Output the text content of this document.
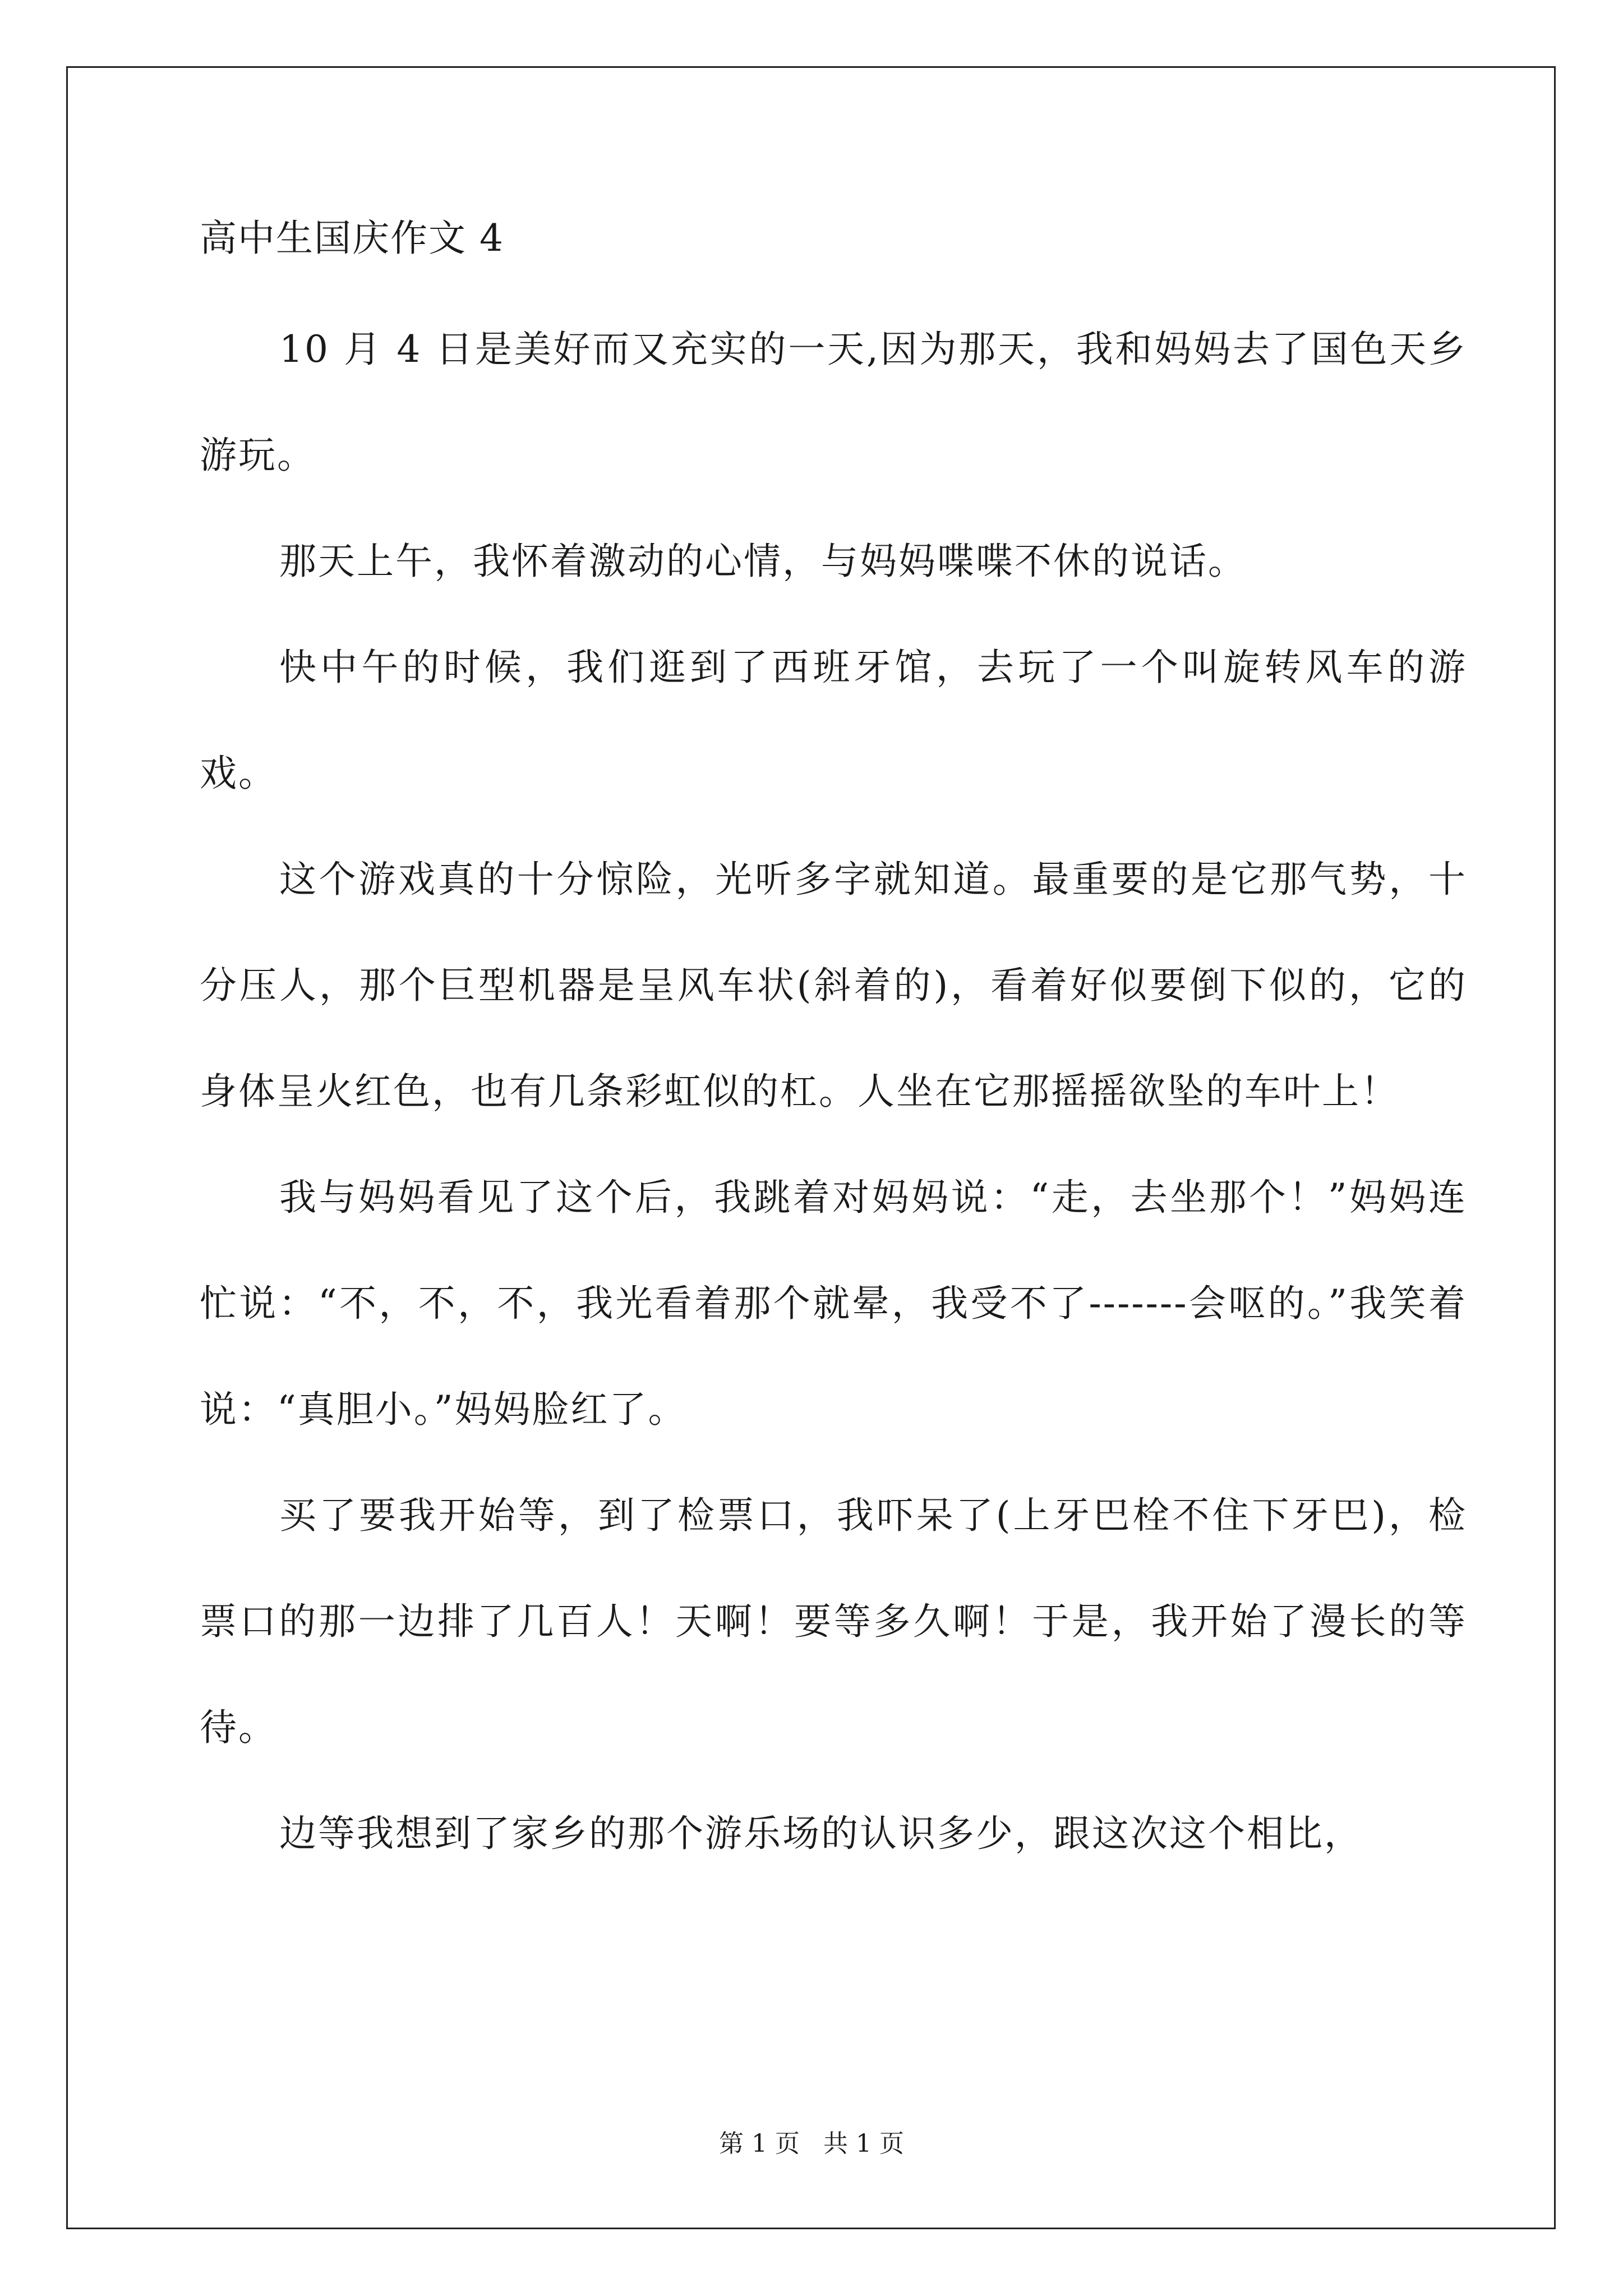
高中生国庆作文 4

10 月 4 日是美好而又充实的一天,因为那天，我和妈妈去了国色天乡游玩。

那天上午，我怀着激动的心情，与妈妈喋喋不休的说话。

快中午的时候，我们逛到了西班牙馆，去玩了一个叫旋转风车的游戏。

这个游戏真的十分惊险，光听多字就知道。最重要的是它那气势，十分压人，那个巨型机器是呈风车状(斜着的)，看着好似要倒下似的，它的身体呈火红色，也有几条彩虹似的杠。人坐在它那摇摇欲坠的车叶上！

我与妈妈看见了这个后，我跳着对妈妈说：“走，去坐那个！”妈妈连忙说：“不，不，不，我光看着那个就晕，我受不了-------会呕的。”我笑着说：“真胆小。”妈妈脸红了。

买了要我开始等，到了检票口，我吓呆了(上牙巴栓不住下牙巴)，检票口的那一边排了几百人！天啊！要等多久啊！于是，我开始了漫长的等待。

边等我想到了家乡的那个游乐场的认识多少，跟这次这个相比，

第 1 页   共 1 页
